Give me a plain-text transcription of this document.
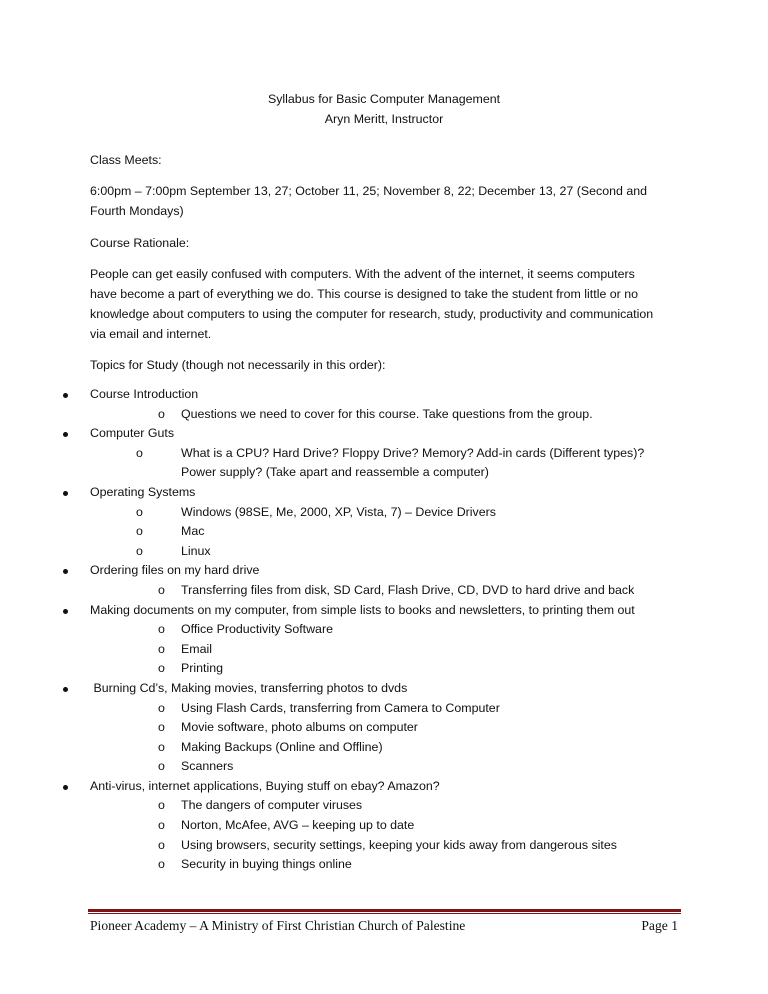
Syllabus for Basic Computer Management
Aryn Meritt, Instructor
Class Meets:
6:00pm – 7:00pm September 13, 27; October 11, 25; November 8, 22; December 13, 27 (Second and
Fourth Mondays)
Course Rationale:
People can get easily confused with computers. With the advent of the internet, it seems computers
have become a part of everything we do. This course is designed to take the student from little or no
knowledge about computers to using the computer for research, study, productivity and communication
via email and internet.
Topics for Study (though not necessarily in this order):
Course Introduction
o Questions we need to cover for this course. Take questions from the group.
Computer Guts
o	What is a CPU? Hard Drive? Floppy Drive? Memory? Add-in cards (Different types)?
Power supply? (Take apart and reassemble a computer)
Operating Systems
o	Windows (98SE, Me, 2000, XP, Vista, 7) – Device Drivers
o	Mac
o	Linux
Ordering files on my hard drive
o Transferring files from disk, SD Card, Flash Drive, CD, DVD to hard drive and back
Making documents on my computer, from simple lists to books and newsletters, to printing them out
o Office Productivity Software
o Email
o Printing
Burning Cd’s, Making movies, transferring photos to dvds
o Using Flash Cards, transferring from Camera to Computer
o Movie software, photo albums on computer
o Making Backups (Online and Offline)
o Scanners
Anti-virus, internet applications, Buying stuff on ebay? Amazon?
o The dangers of computer viruses
o Norton, McAfee, AVG – keeping up to date
o Using browsers, security settings, keeping your kids away from dangerous sites
o Security in buying things online
Pioneer Academy – A Ministry of First Christian Church of Palestine	Page 1
